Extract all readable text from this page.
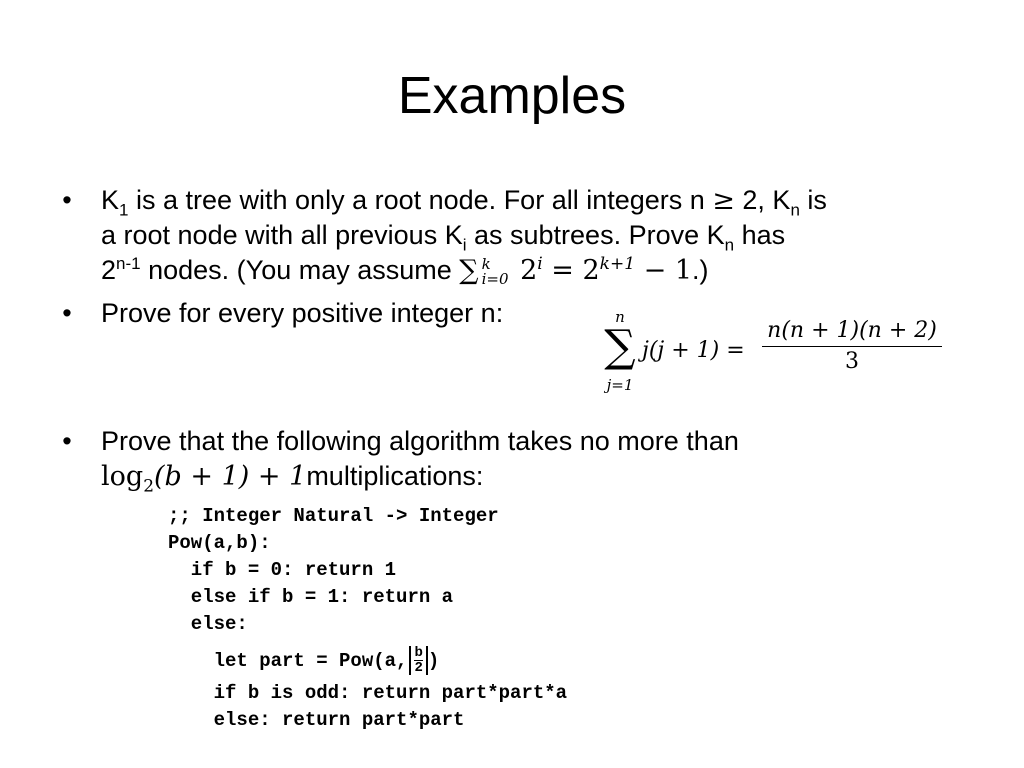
Examples
• $K_1$ is a tree with only a root node. For all integers n ≥ 2, $K_n$ is
a root node with all previous $K_i$ as subtrees. Prove $K_n$ has
2$^{n-1}$ nodes. (You may assume ∑ k
i=0 $2^i = 2^{k+1} - 1$.)
• Prove for every positive integer n:	n
∑
j=1
$j(j + 1) = \frac{n(n + 1)(n + 2)}{3}$
• Prove that the following algorithm takes no more than
$\log_2(b + 1)$ + 1multiplications:
;; Integer Natural -> Integer
Pow(a,b):
if b = 0: return 1
else if b = 1: return a
else:
let part = Pow(a, $\frac{b}{2}$ )
if b is odd: return part*part*a
else: return part*part
